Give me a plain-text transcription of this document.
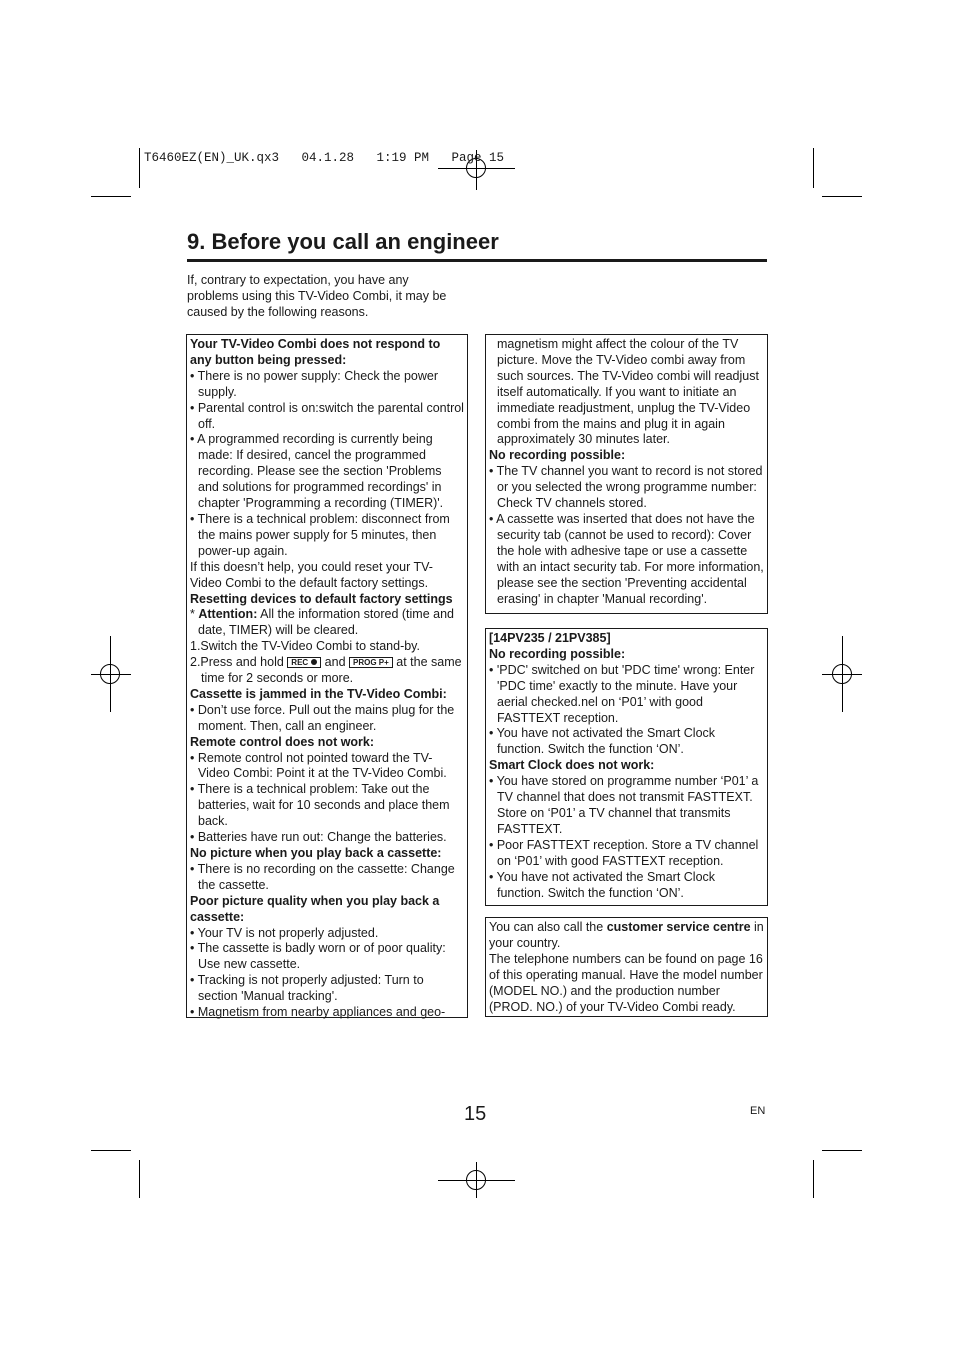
T6460EZ(EN)_UK.qx3   04.1.28   1:19 PM   Page 15
9. Before you call an engineer

If, contrary to expectation, you have any problems using this TV-Video Combi, it may be caused by the following reasons.

Your TV-Video Combi does not respond to any button being pressed:

• There is no power supply: Check the power supply.

• Parental control is on:switch the parental control off.

• A programmed recording is currently being made: If desired, cancel the programmed recording. Please see the section 'Problems and solutions for programmed recordings' in chapter 'Programming a recording (TIMER)'.

• There is a technical problem: disconnect from the mains power supply for 5 minutes, then power-up again.

If this doesn’t help, you could reset your TV-Video Combi to the default factory settings.

Resetting devices to default factory settings

* Attention: All the information stored (time and date, TIMER) will be cleared.

1.Switch the TV-Video Combi to stand-by.

2.Press and hold REC and PROG P+ at the same time for 2 seconds or more.

Cassette is jammed in the TV-Video Combi:

• Don’t use force. Pull out the mains plug for the moment. Then, call an engineer.

Remote control does not work:

• Remote control not pointed toward the TV-Video Combi: Point it at the TV-Video Combi.

• There is a technical problem: Take out the batteries, wait for 10 seconds and place them back.

• Batteries have run out: Change the batteries.

No picture when you play back a cassette:

• There is no recording on the cassette: Change the cassette.

Poor picture quality when you play back a cassette:

• Your TV is not properly adjusted.

• The cassette is badly worn or of poor quality: Use new cassette.

• Tracking is not properly adjusted: Turn to section 'Manual tracking'.

• Magnetism from nearby appliances and geo-

magnetism might affect the colour of the TV picture. Move the TV-Video combi away from such sources. The TV-Video combi will readjust itself automatically. If you want to initiate an immediate readjustment, unplug the TV-Video combi from the mains and plug it in again approximately 30 minutes later.

No recording possible:

• The TV channel you want to record is not stored or you selected the wrong programme number: Check TV channels stored.

• A cassette was inserted that does not have the security tab (cannot be used to record): Cover the hole with adhesive tape or use a cassette with an intact security tab. For more information, please see the section 'Preventing accidental erasing' in chapter 'Manual recording'.

[14PV235 / 21PV385]

No recording possible:

• 'PDC' switched on but 'PDC time' wrong: Enter 'PDC time' exactly to the minute. Have your aerial checked.nel on ‘P01’ with good FASTTEXT reception.

• You have not activated the Smart Clock function. Switch the function ‘ON’.

Smart Clock does not work:

• You have stored on programme number ‘P01’ a TV channel that does not transmit FASTTEXT. Store on ‘P01’ a TV channel that transmits FASTTEXT.

• Poor FASTTEXT reception. Store a TV channel on ‘P01’ with good FASTTEXT reception.

• You have not activated the Smart Clock function. Switch the function ‘ON’.

You can also call the customer service centre in your country.

The telephone numbers can be found on page 16 of this operating manual. Have the model number (MODEL NO.) and the production number (PROD. NO.) of your TV-Video Combi ready.

15	EN
